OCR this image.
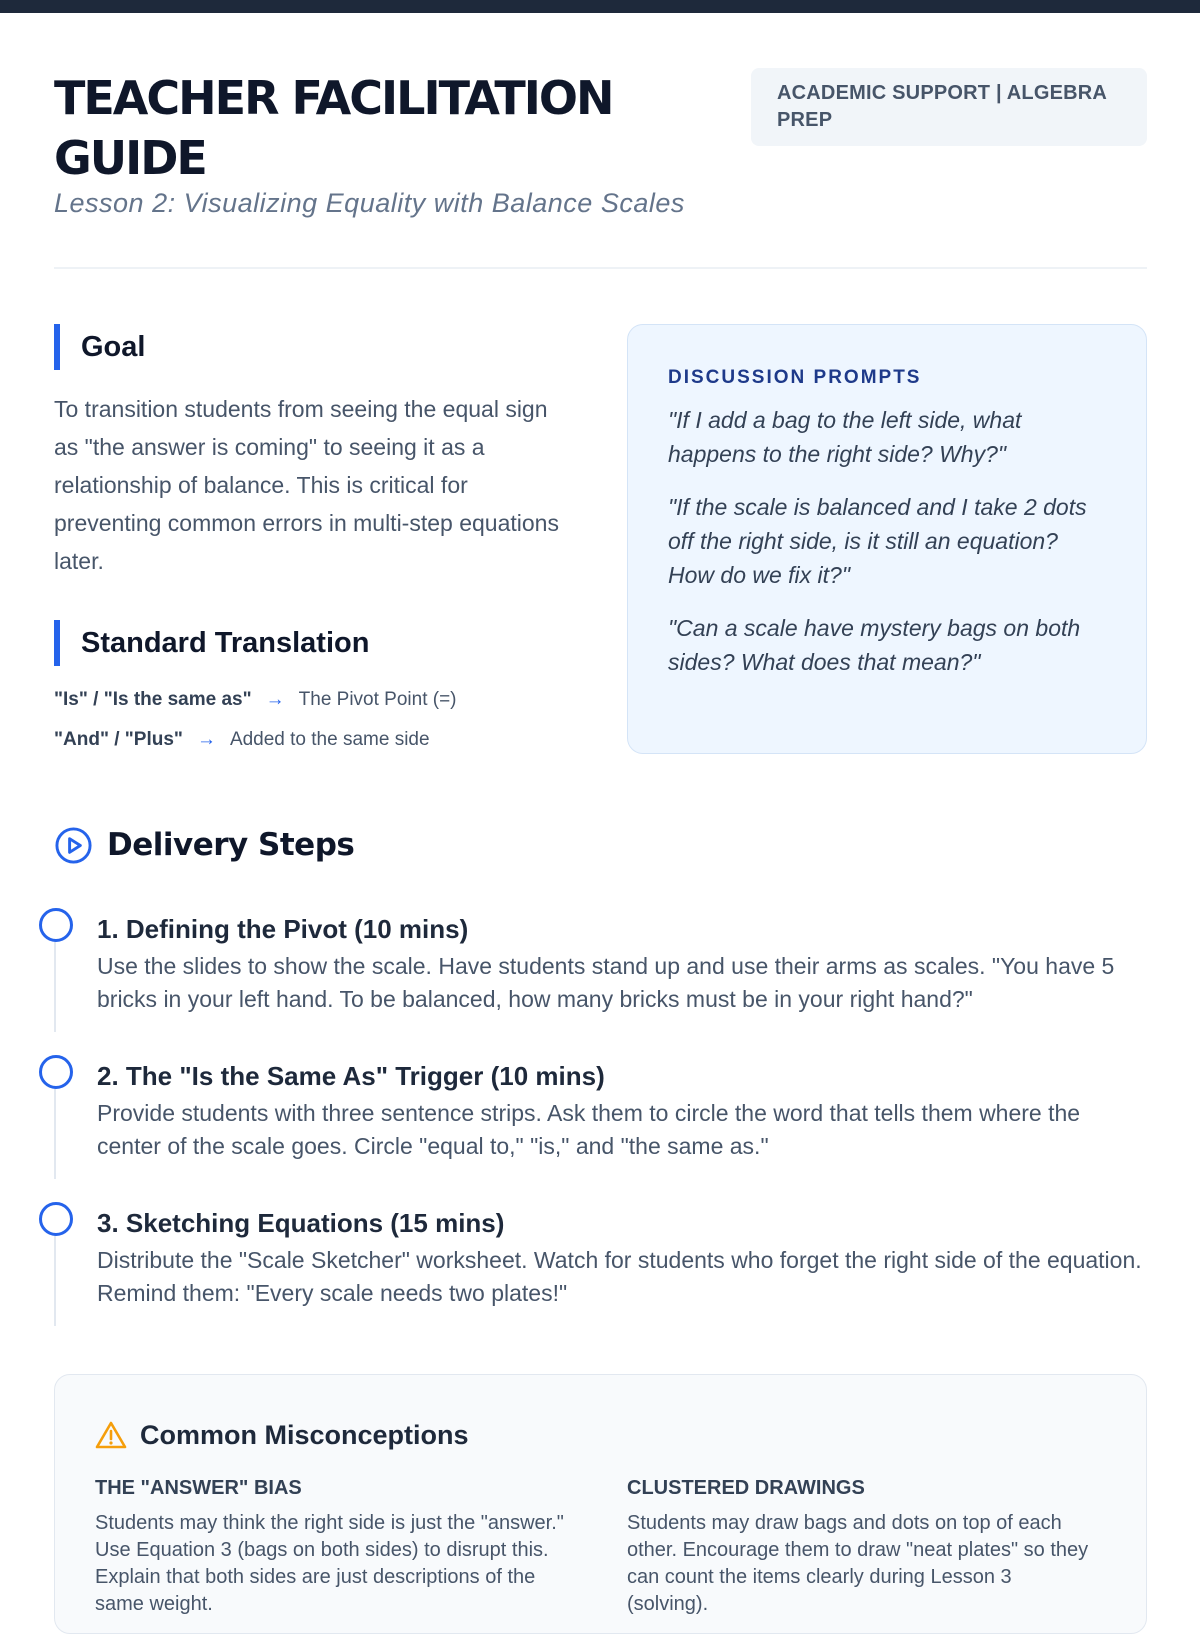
TEACHER FACILITATION GUIDE
Lesson 2: Visualizing Equality with Balance Scales
ACADEMIC SUPPORT | ALGEBRA PREP
Goal

To transition students from seeing the equal sign as "the answer is coming" to seeing it as a relationship of balance. This is critical for preventing common errors in multi-step equations later.

Standard Translation
"Is" / "Is the same as" → The Pivot Point (=)
"And" / "Plus" → Added to the same side
DISCUSSION PROMPTS

"If I add a bag to the left side, what happens to the right side? Why?"

"If the scale is balanced and I take 2 dots off the right side, is it still an equation? How do we fix it?"

"Can a scale have mystery bags on both sides? What does that mean?"

Delivery Steps
1. Defining the Pivot (10 mins)

Use the slides to show the scale. Have students stand up and use their arms as scales. "You have 5 bricks in your left hand. To be balanced, how many bricks must be in your right hand?"

2. The "Is the Same As" Trigger (10 mins)

Provide students with three sentence strips. Ask them to circle the word that tells them where the center of the scale goes. Circle "equal to," "is," and "the same as."

3. Sketching Equations (15 mins)

Distribute the "Scale Sketcher" worksheet. Watch for students who forget the right side of the equation. Remind them: "Every scale needs two plates!"

Common Misconceptions
THE "ANSWER" BIAS

Students may think the right side is just the "answer." Use Equation 3 (bags on both sides) to disrupt this. Explain that both sides are just descriptions of the same weight.

CLUSTERED DRAWINGS

Students may draw bags and dots on top of each other. Encourage them to draw "neat plates" so they can count the items clearly during Lesson 3 (solving).
